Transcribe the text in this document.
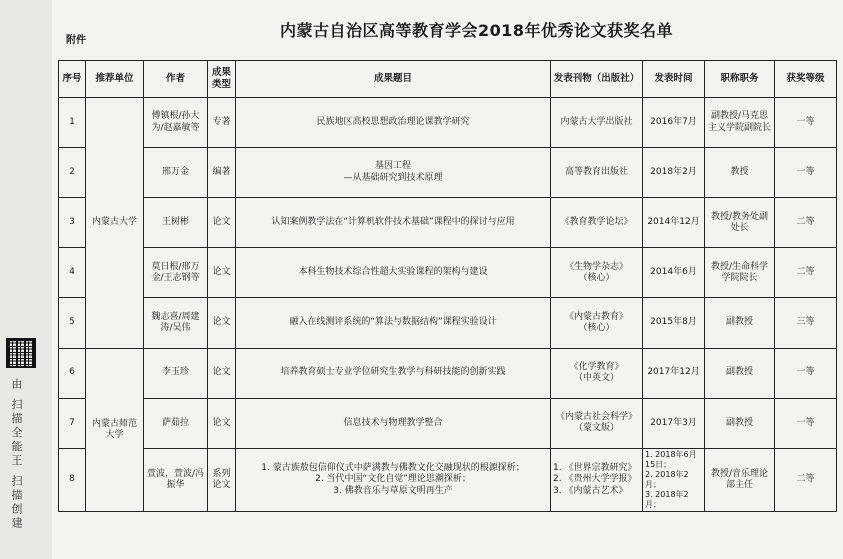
由 扫描全能王 扫描创建
附件
内蒙古自治区高等教育学会2018年优秀论文获奖名单
序号	推荐单位	作者	成果类型	成果题目	发表刊物（出版社）	发表时间	职称职务	获奖等级
1	内蒙古大学	傅镇根/孙大为/赵嘉敏等	专著	民族地区高校思想政治理论课教学研究	内蒙古大学出版社	2016年7月	副教授/马克思主义学院副院长	一等
2		邢万金	编著	基因工程
—从基础研究到技术原理	高等教育出版社	2018年2月	教授	一等
3		王树彬	论文	认知案例教学法在“计算机软件技术基础”课程中的探讨与应用	《教育教学论坛》	2014年12月	教授/教务处副处长	二等
4		莫日根/邢万金/王志钢等	论文	本科生物技术综合性超大实验课程的架构与建设	《生物学杂志》
（核心）	2014年6月	教授/生命科学学院院长	二等
5		魏志喜/周建涛/吴伟	论文	融入在线测评系统的“算法与数据结构”课程实验设计	《内蒙古教育》
（核心）	2015年8月	副教授	三等
6	内蒙古师范大学	李玉珍	论文	培养教育硕士专业学位研究生教学与科研技能的创新实践	《化学教育》
（中英文）	2017年12月	副教授	一等
7		萨茹拉	论文	信息技术与物理教学整合	《内蒙古社会科学》
（蒙文版）	2017年3月	副教授	一等
8		萱波，萱波/冯振华	系列论文	1. 蒙古族敖包信仰仪式中萨满教与佛教文化交融现状的根源探析；
2. 当代中国“文化自觉”理论思潮探析；
3. 佛教音乐与草原文明再生产	1. 《世界宗教研究》
2. 《贵州大学学报》
3. 《内蒙古艺术》	1. 2018年6月15日；
2. 2018年2月；
3. 2018年2月；	教授/音乐理论部主任	二等
